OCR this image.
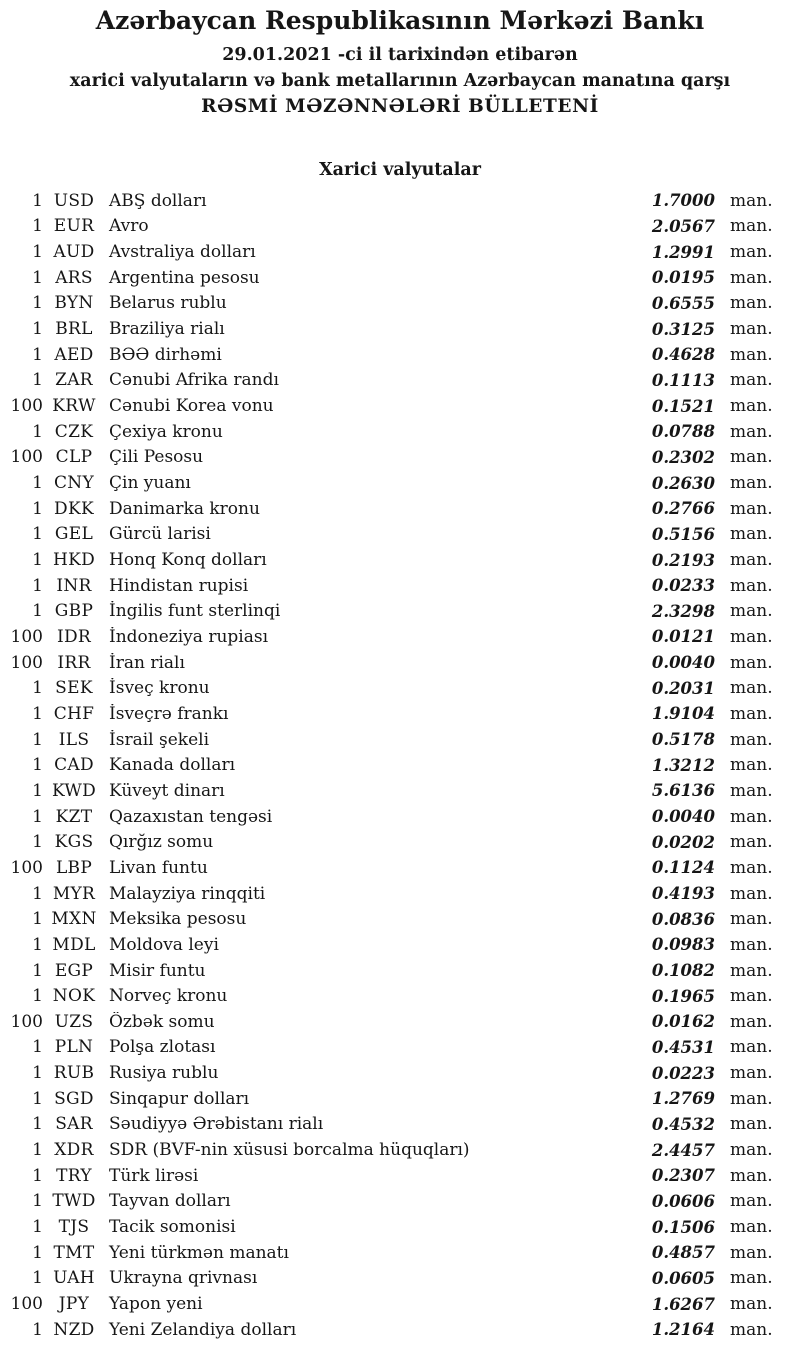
Azərbaycan Respublikasının Mərkəzi Bankı
29.01.2021 -ci il tarixindən etibarən
xarici valyutaların və bank metallarının Azərbaycan manatına qarşı
RƏSMİ MƏZƏNNƏLƏRİ BÜLLETENİ
Xarici valyutalar
1 USD ABŞ dolları	1.7000 man.
1 EUR Avro	2.0567 man.
1 AUD Avstraliya dolları	1.2991 man.
1 ARS Argentina pesosu	0.0195 man.
1 BYN Belarus rublu	0.6555 man.
1 BRL Braziliya rialı	0.3125 man.
1 AED BƏƏ dirhəmi	0.4628 man.
1 ZAR Cənubi Afrika randı	0.1113 man.
100 KRW Cənubi Korea vonu	0.1521 man.
1 CZK Çexiya kronu	0.0788 man.
100 CLP Çili Pesosu	0.2302 man.
1 CNY Çin yuanı	0.2630 man.
1 DKK Danimarka kronu	0.2766 man.
1 GEL Gürcü larisi	0.5156 man.
1 HKD Honq Konq dolları	0.2193 man.
1 INR	Hindistan rupisi	0.0233 man.
1 GBP İngilis funt sterlinqi	2.3298 man.
100 IDR	İndoneziya rupiası	0.0121 man.
100 IRR	İran rialı	0.0040 man.
1 SEK İsveç kronu	0.2031 man.
1 CHF İsveçrə frankı	1.9104 man.
1 ILS	İsrail şekeli	0.5178 man.
1 CAD Kanada dolları	1.3212 man.
1 KWD Küveyt dinarı	5.6136 man.
1 KZT Qazaxıstan tengəsi	0.0040 man.
1 KGS Qırğız somu	0.0202 man.
100 LBP Livan funtu	0.1124 man.
1 MYR Malayziya rinqqiti	0.4193 man.
1 MXN Meksika pesosu	0.0836 man.
1 MDL Moldova leyi	0.0983 man.
1 EGP Misir funtu	0.1082 man.
1 NOK Norveç kronu	0.1965 man.
100 UZS Özbək somu	0.0162 man.
1 PLN Polşa zlotası	0.4531 man.
1 RUB Rusiya rublu	0.0223 man.
1 SGD Sinqapur dolları	1.2769 man.
1 SAR Səudiyyə Ərəbistanı rialı	0.4532 man.
1 XDR SDR (BVF-nin xüsusi borcalma hüquqları)	2.4457 man.
1 TRY	Türk lirəsi	0.2307 man.
1 TWD Tayvan dolları	0.0606 man.
1 TJS	Tacik somonisi	0.1506 man.
1 TMT Yeni türkmən manatı	0.4857 man.
1 UAH Ukrayna qrivnası	0.0605 man.
100 JPY	Yapon yeni	1.6267 man.
1 NZD Yeni Zelandiya dolları	1.2164 man.
